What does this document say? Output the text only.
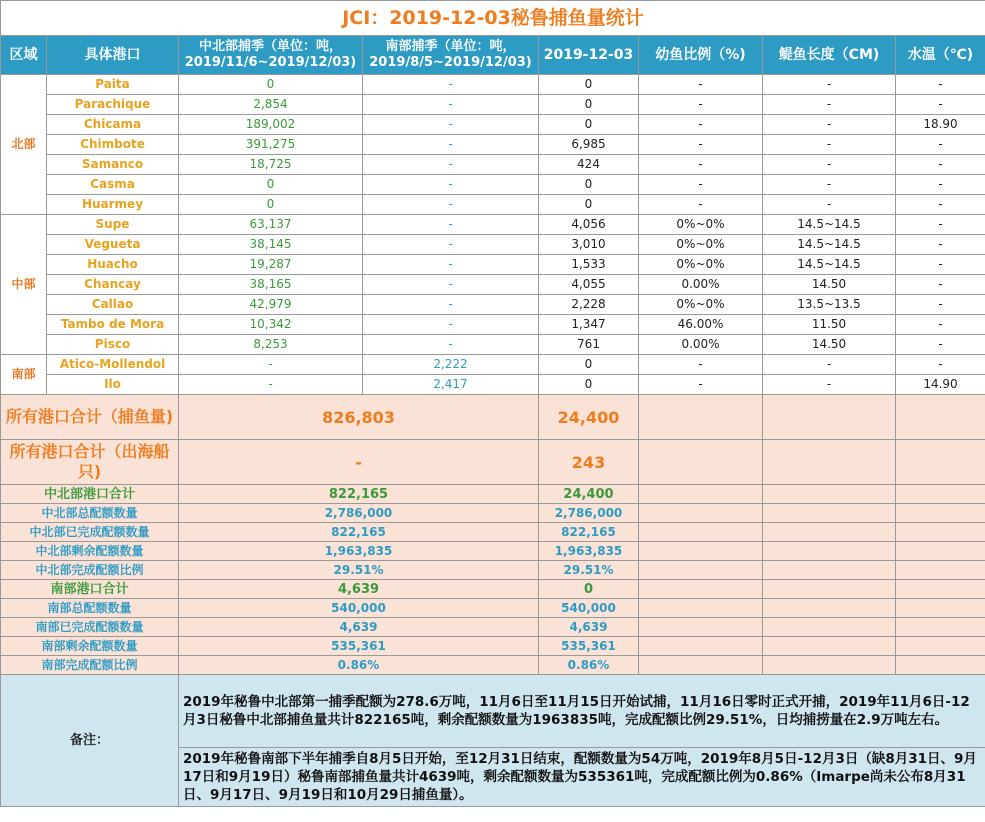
JCI：2019-12-03秘鲁捕鱼量统计							
区域	具体港口	中北部捕季（单位：吨，2019/11/6~2019/12/03)	南部捕季（单位：吨，2019/8/5~2019/12/03)	2019-12-03	幼鱼比例（%)	鳀鱼长度（CM)	水温（℃)
北部	Paita	0	-	0	-	-	-
	Parachique	2,854	-	0	-	-	-
	Chicama	189,002	-	0	-	-	18.90
	Chimbote	391,275	-	6,985	-	-	-
	Samanco	18,725	-	424	-	-	-
	Casma	0	-	0	-	-	-
	Huarmey	0	-	0	-	-	-
中部	Supe	63,137	-	4,056	0%~0%	14.5~14.5	-
	Vegueta	38,145	-	3,010	0%~0%	14.5~14.5	-
	Huacho	19,287	-	1,533	0%~0%	14.5~14.5	-
	Chancay	38,165	-	4,055	0.00%	14.50	-
	Callao	42,979	-	2,228	0%~0%	13.5~13.5	-
	Tambo de Mora	10,342	-	1,347	46.00%	11.50	-
	Pisco	8,253	-	761	0.00%	14.50	-
南部	Atico-Mollendol	-	2,222	0	-	-	-
	Ilo	-	2,417	0	-	-	14.90
所有港口合计（捕鱼量)		826,803		24,400			
所有港口合计（出海船只)		-		243			
中北部港口合计		822,165		24,400			
中北部总配额数量		2,786,000		2,786,000			
中北部已完成配额数量		822,165		822,165			
中北部剩余配额数量		1,963,835		1,963,835			
中北部完成配额比例		29.51%		29.51%			
南部港口合计		4,639		0			
南部总配额数量		540,000		540,000			
南部已完成配额数量		4,639		4,639			
南部剩余配额数量		535,361		535,361			
南部完成配额比例		0.86%		0.86%			
备注：		2019年秘鲁中北部第一捕季配额为278.6万吨，11月6日至11月15日开始试捕，11月16日零时正式开捕，2019年11月6日-12月3日秘鲁中北部捕鱼量共计822165吨，剩余配额数量为1963835吨，完成配额比例29.51%，日均捕捞量在2.9万吨左右。					
		2019年秘鲁南部下半年捕季自8月5日开始，至12月31日结束，配额数量为54万吨，2019年8月5日-12月3日（缺8月31日、9月17日和9月19日）秘鲁南部捕鱼量共计4639吨，剩余配额数量为535361吨，完成配额比例为0.86%（Imarpe尚未公布8月31日、9月17日、9月19日和10月29日捕鱼量）。					
